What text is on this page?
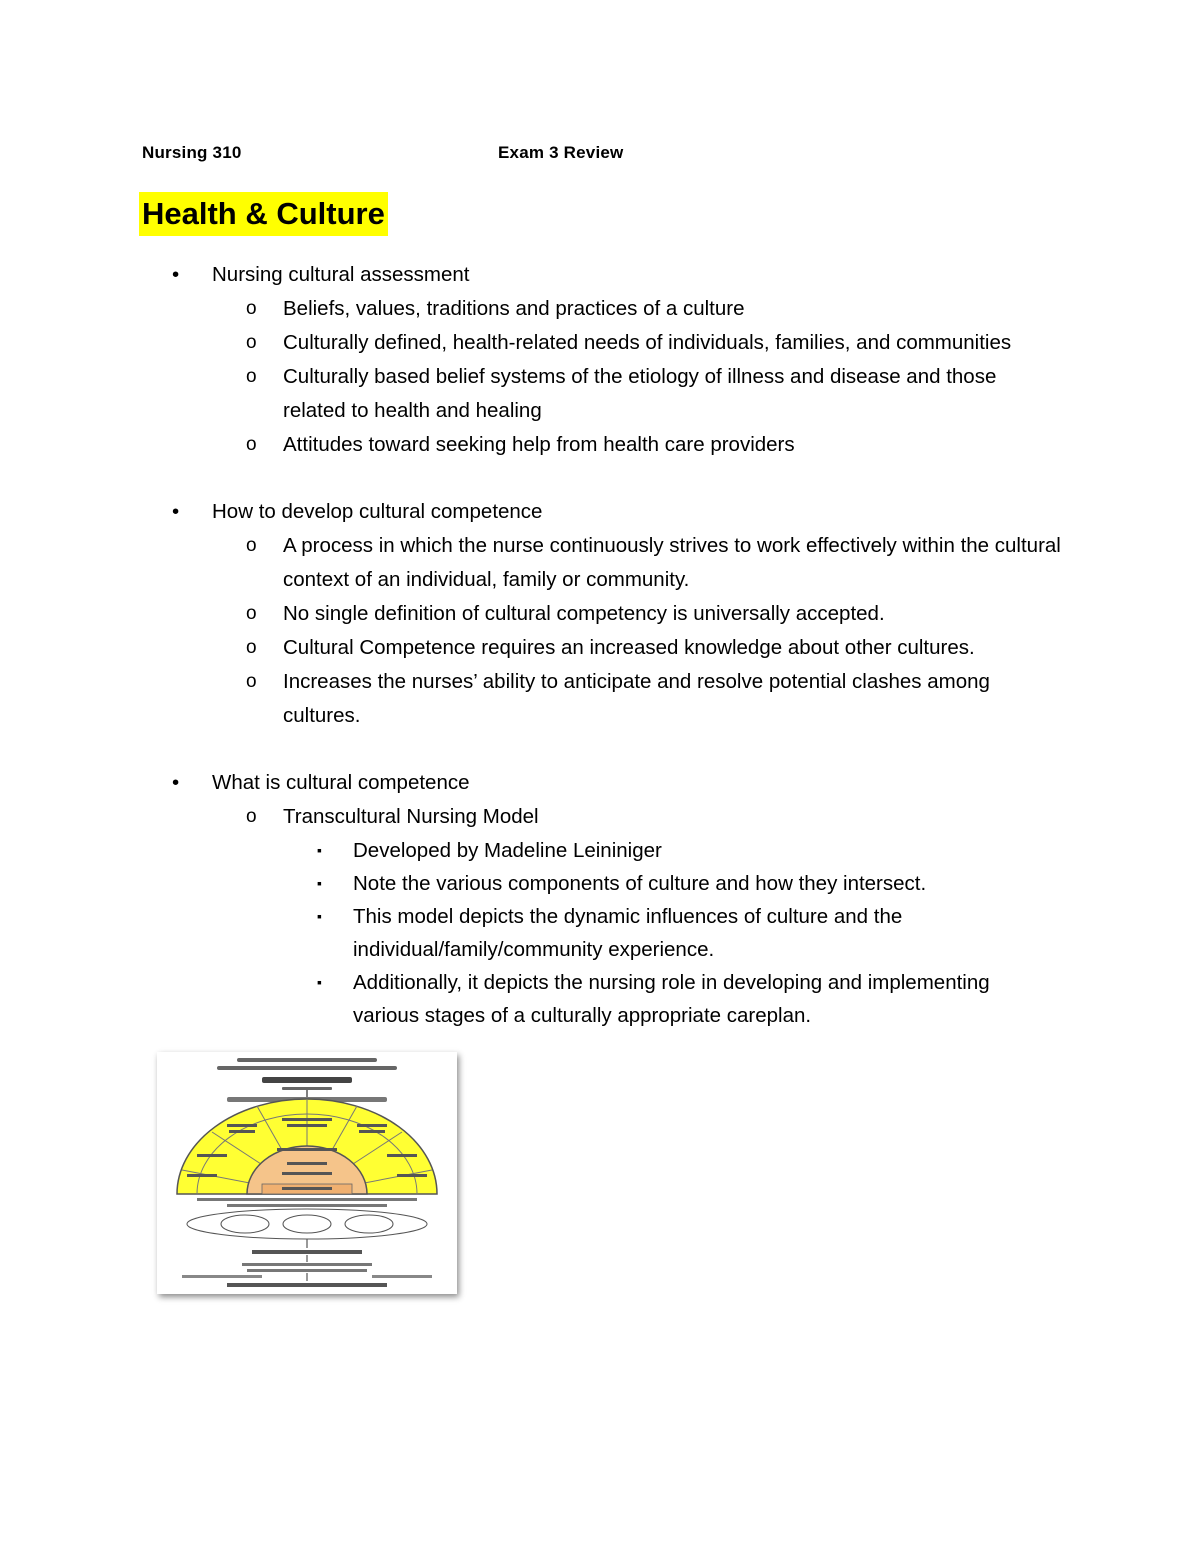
Nursing 310	Exam 3 Review
Health & Culture
• Nursing cultural assessment
o Beliefs, values, traditions and practices of a culture
o Culturally defined, health-related needs of individuals, families, and communities
o Culturally based belief systems of the etiology of illness and disease and those related to health and healing
o Attitudes toward seeking help from health care providers
• How to develop cultural competence
o A process in which the nurse continuously strives to work effectively within the cultural context of an individual, family or community.
o No single definition of cultural competency is universally accepted.
o Cultural Competence requires an increased knowledge about other cultures.
o Increases the nurses’ ability to anticipate and resolve potential clashes among cultures.
• What is cultural competence
o Transcultural Nursing Model
▪ Developed by Madeline Leininiger
▪ Note the various components of culture and how they intersect.
▪ This model depicts the dynamic influences of culture and the individual/family/community experience.
▪ Additionally, it depicts the nursing role in developing and implementing various stages of a culturally appropriate careplan.
